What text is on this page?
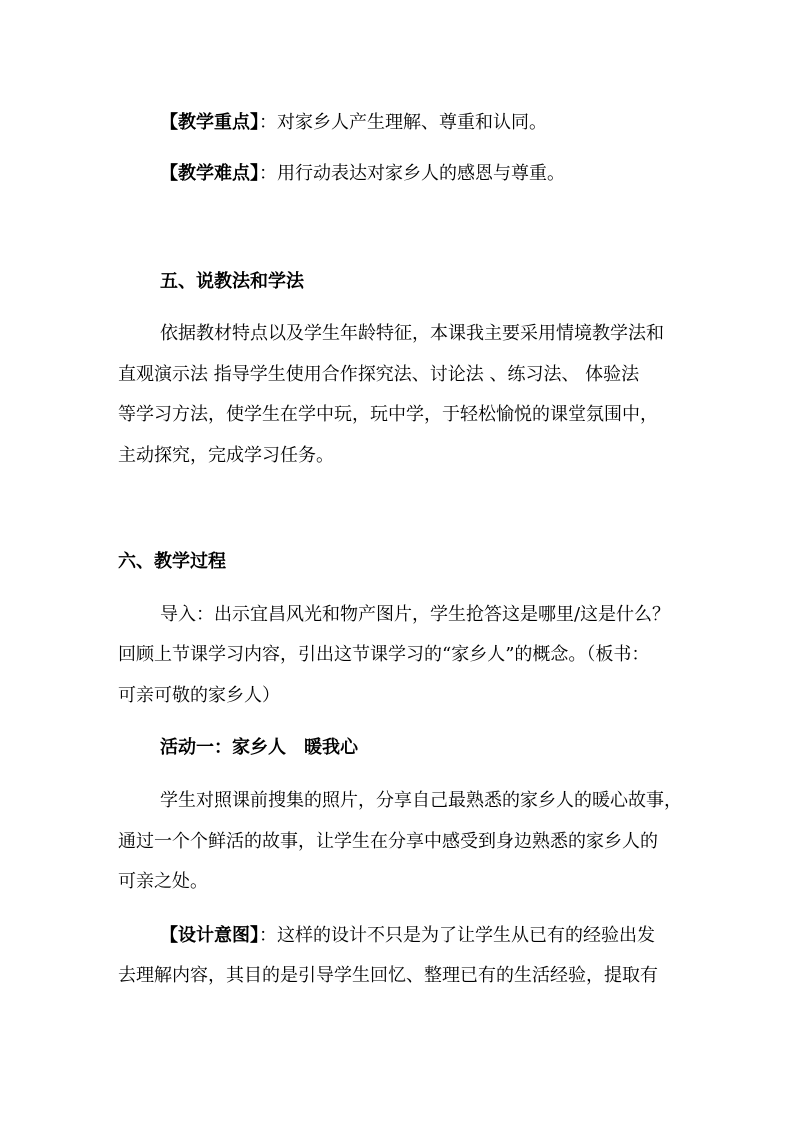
【教学重点】：对家乡人产生理解、尊重和认同。
【教学难点】：用行动表达对家乡人的感恩与尊重。
五、说教法和学法
依据教材特点以及学生年龄特征，本课我主要采用情境教学法和
直观演示法 指导学生使用合作探究法、讨论法 、练习法、 体验法
等学习方法，使学生在学中玩，玩中学，于轻松愉悦的课堂氛围中，
主动探究，完成学习任务。
六、教学过程
导入：出示宜昌风光和物产图片，学生抢答这是哪里/这是什么？
回顾上节课学习内容，引出这节课学习的“家乡人”的概念。（板书：
可亲可敬的家乡人）
活动一：家乡人　暖我心
学生对照课前搜集的照片，分享自己最熟悉的家乡人的暖心故事，
通过一个个鲜活的故事，让学生在分享中感受到身边熟悉的家乡人的
可亲之处。
【设计意图】：这样的设计不只是为了让学生从已有的经验出发
去理解内容，其目的是引导学生回忆、整理已有的生活经验，提取有
